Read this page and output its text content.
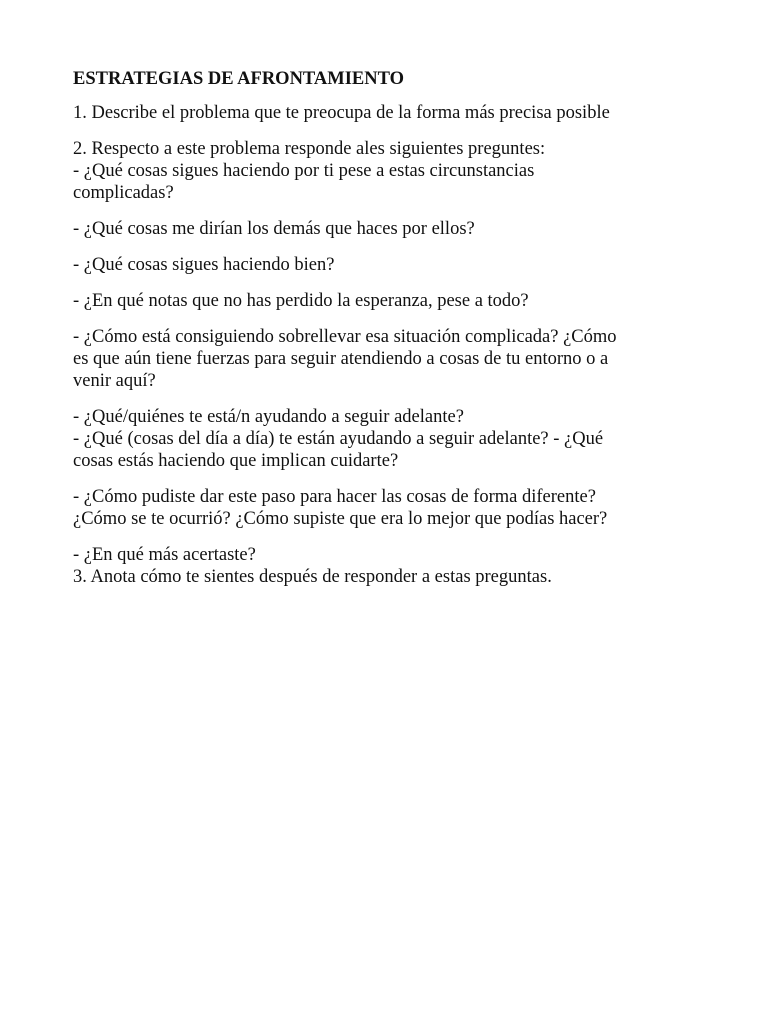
ESTRATEGIAS DE AFRONTAMIENTO
1. Describe el problema que te preocupa de la forma más precisa posible
2. Respecto a este problema responde ales siguientes preguntes:
- ¿Qué cosas sigues haciendo por ti pese a estas circunstancias
complicadas?
- ¿Qué cosas me dirían los demás que haces por ellos?
- ¿Qué cosas sigues haciendo bien?
- ¿En qué notas que no has perdido la esperanza, pese a todo?
- ¿Cómo está consiguiendo sobrellevar esa situación complicada? ¿Cómo
es que aún tiene fuerzas para seguir atendiendo a cosas de tu entorno o a
venir aquí?
- ¿Qué/quiénes te está/n ayudando a seguir adelante?
- ¿Qué (cosas del día a día) te están ayudando a seguir adelante? - ¿Qué
cosas estás haciendo que implican cuidarte?
- ¿Cómo pudiste dar este paso para hacer las cosas de forma diferente?
¿Cómo se te ocurrió? ¿Cómo supiste que era lo mejor que podías hacer?
- ¿En qué más acertaste?
3. Anota cómo te sientes después de responder a estas preguntas.
